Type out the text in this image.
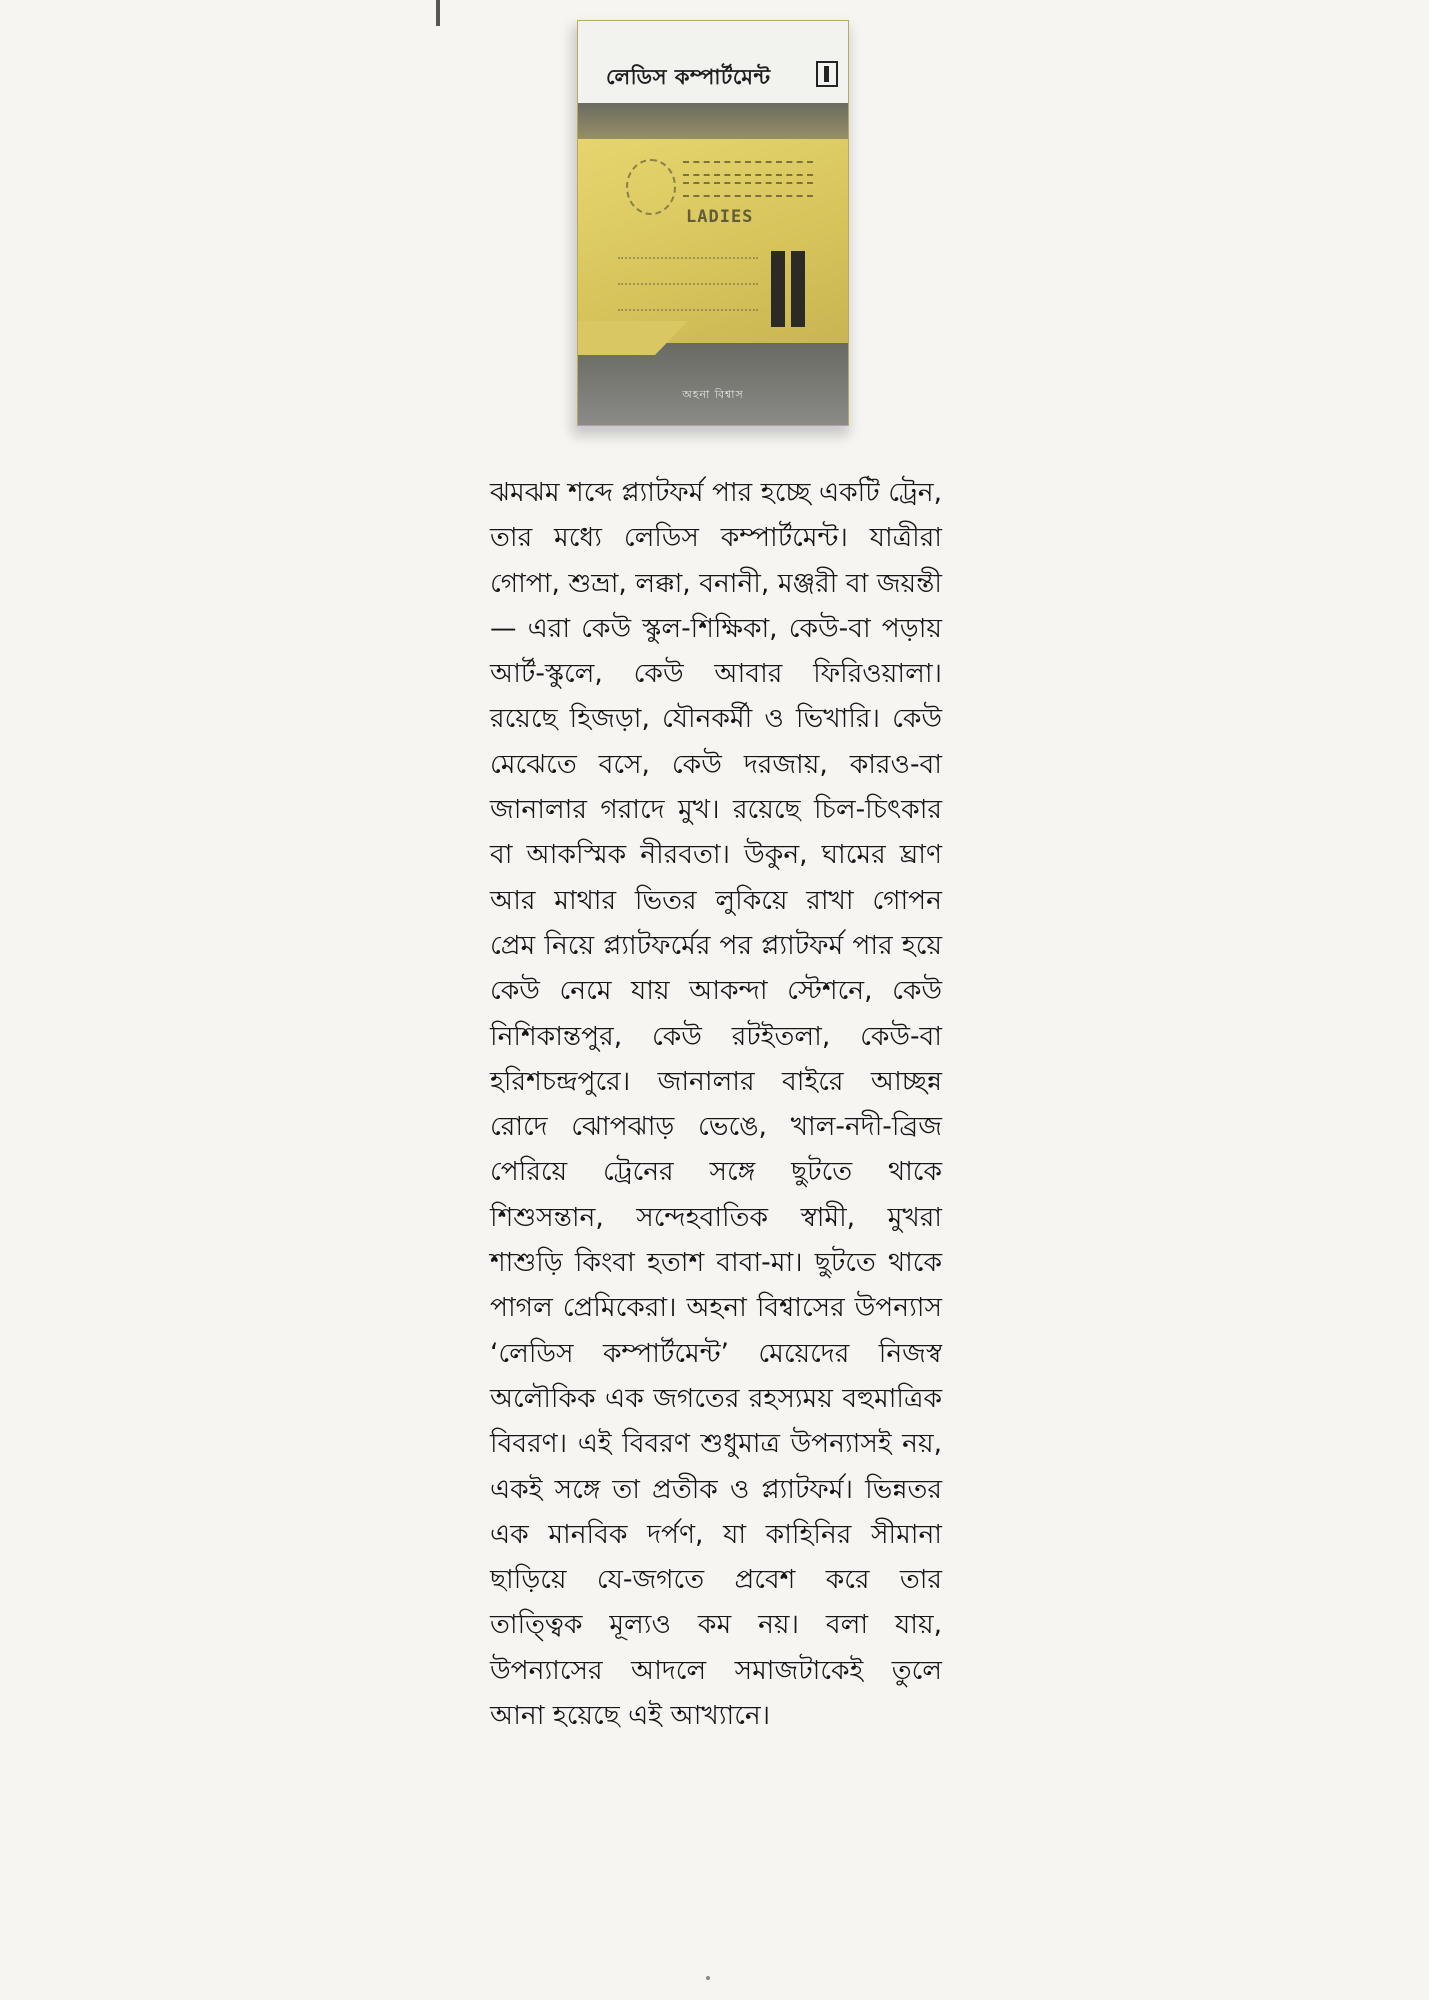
লেডিস কম্পার্টমেন্ট
LADIES
অহনা বিশ্বাস

ঝমঝম শব্দে প্ল্যাটফর্ম পার হচ্ছে একটি ট্রেন, তার মধ্যে লেডিস কম্পার্টমেন্ট। যাত্রীরা গোপা, শুভ্রা, লক্কা, বনানী, মঞ্জরী বা জয়ন্তী— এরা কেউ স্কুল-শিক্ষিকা, কেউ-বা পড়ায় আর্ট-স্কুলে, কেউ আবার ফিরিওয়ালা। রয়েছে হিজড়া, যৌনকর্মী ও ভিখারি। কেউ মেঝেতে বসে, কেউ দরজায়, কারও-বা জানালার গরাদে মুখ। রয়েছে চিল-চিৎকার বা আকস্মিক নীরবতা। উকুন, ঘামের ঘ্রাণ আর মাথার ভিতর লুকিয়ে রাখা গোপন প্রেম নিয়ে প্ল্যাটফর্মের পর প্ল্যাটফর্ম পার হয়ে কেউ নেমে যায় আকন্দা স্টেশনে, কেউ নিশিকান্তপুর, কেউ রটইতলা, কেউ-বা হরিশচন্দ্রপুরে। জানালার বাইরে আচ্ছন্ন রোদে ঝোপঝাড় ভেঙে, খাল-নদী-ব্রিজ পেরিয়ে ট্রেনের সঙ্গে ছুটতে থাকে শিশুসন্তান, সন্দেহবাতিক স্বামী, মুখরা শাশুড়ি কিংবা হতাশ বাবা-মা। ছুটতে থাকে পাগল প্রেমিকেরা। অহনা বিশ্বাসের উপন্যাস ‘লেডিস কম্পার্টমেন্ট’ মেয়েদের নিজস্ব অলৌকিক এক জগতের রহস্যময় বহুমাত্রিক বিবরণ। এই বিবরণ শুধুমাত্র উপন্যাসই নয়, একই সঙ্গে তা প্রতীক ও প্ল্যাটফর্ম। ভিন্নতর এক মানবিক দর্পণ, যা কাহিনির সীমানা ছাড়িয়ে যে-জগতে প্রবেশ করে তার তাত্ত্বিক মূল্যও কম নয়। বলা যায়, উপন্যাসের আদলে সমাজটাকেই তুলে আনা হয়েছে এই আখ্যানে।
